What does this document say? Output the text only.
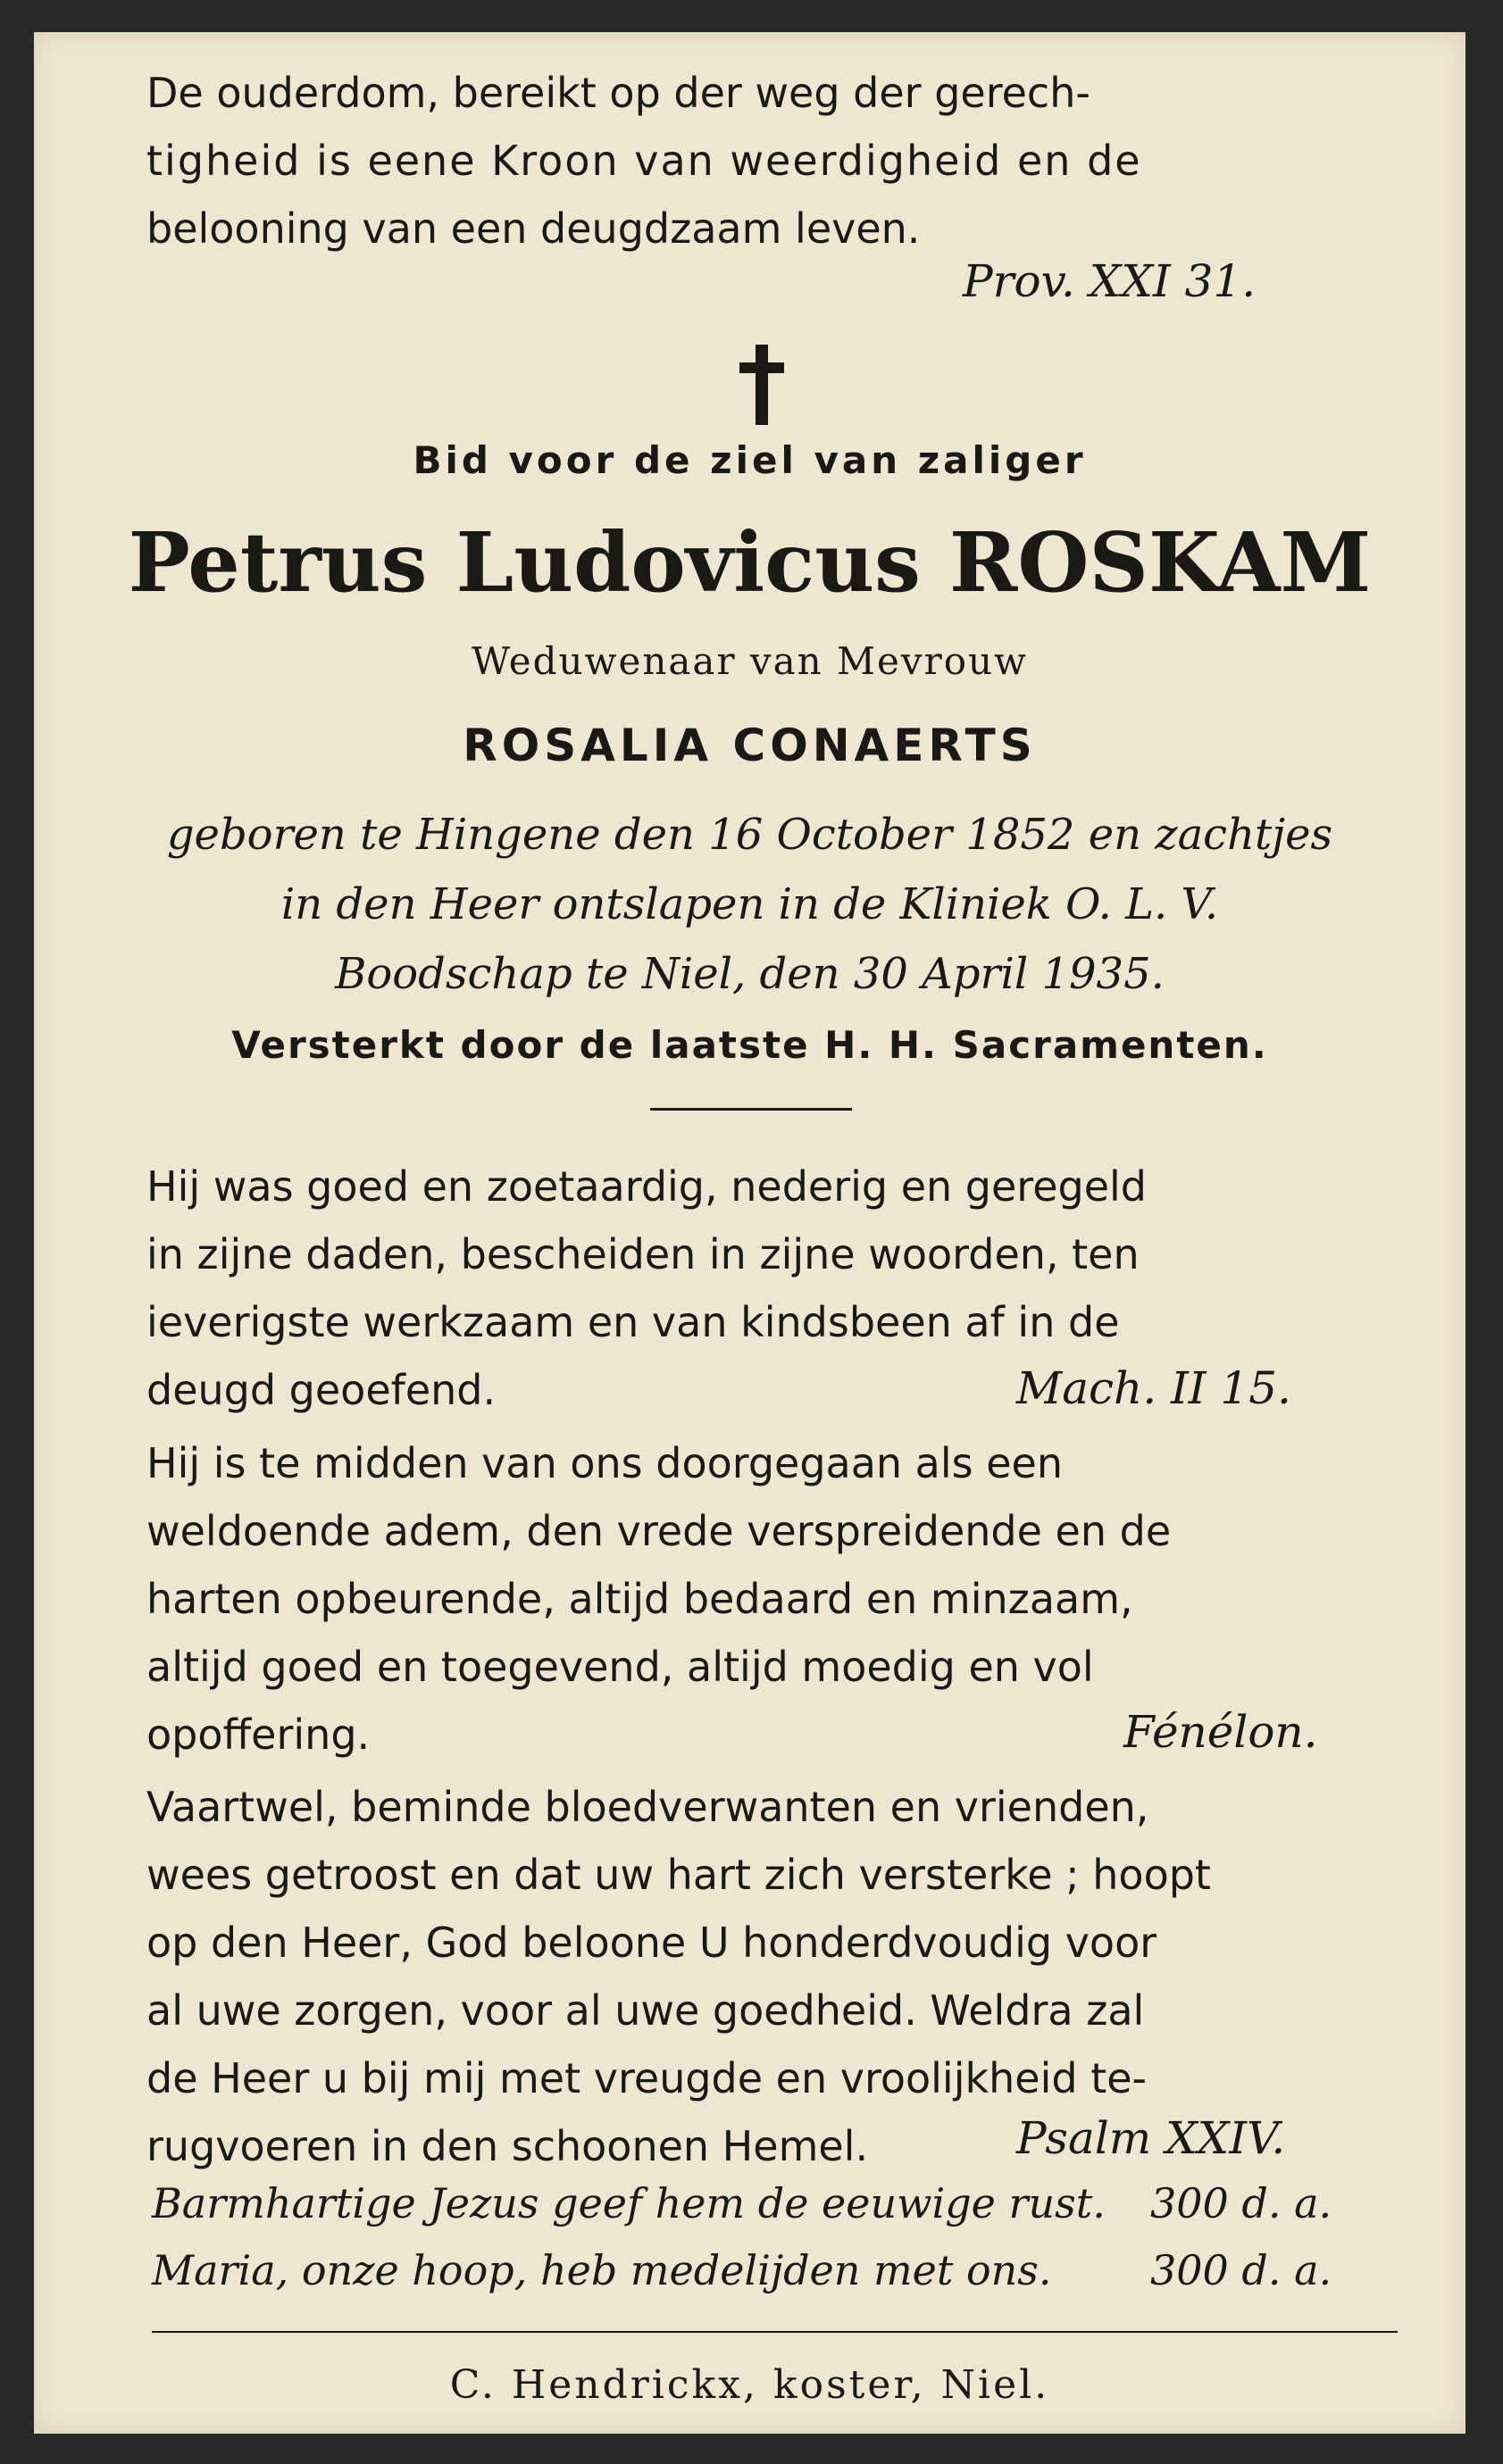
De ouderdom, bereikt op der weg der gerech-
tigheid is eene Kroon van weerdigheid en de
belooning van een deugdzaam leven.
Prov. XXI 31.
Bid voor de ziel van zaliger
Petrus Ludovicus ROSKAM
Weduwenaar van Mevrouw
ROSALIA CONAERTS
geboren te Hingene den 16 October 1852 en zachtjes
in den Heer ontslapen in de Kliniek O. L. V.
Boodschap te Niel, den 30 April 1935.
Versterkt door de laatste H. H. Sacramenten.
Hij was goed en zoetaardig, nederig en geregeld
in zijne daden, bescheiden in zijne woorden, ten
ieverigste werkzaam en van kindsbeen af in de
deugd geoefend.	Mach. II 15.
Hij is te midden van ons doorgegaan als een
weldoende adem, den vrede verspreidende en de
harten opbeurende, altijd bedaard en minzaam,
altijd goed en toegevend, altijd moedig en vol
opoffering.	Fénélon.
Vaartwel, beminde bloedverwanten en vrienden,
wees getroost en dat uw hart zich versterke ; hoopt
op den Heer, God beloone U honderdvoudig voor
al uwe zorgen, voor al uwe goedheid. Weldra zal
de Heer u bij mij met vreugde en vroolijkheid te-
rugvoeren in den schoonen Hemel.	Psalm XXIV.
Barmhartige Jezus geef hem de eeuwige rust. 300 d. a.
Maria, onze hoop, heb medelijden met ons. 300 d. a.
C. Hendrickx, koster, Niel.
